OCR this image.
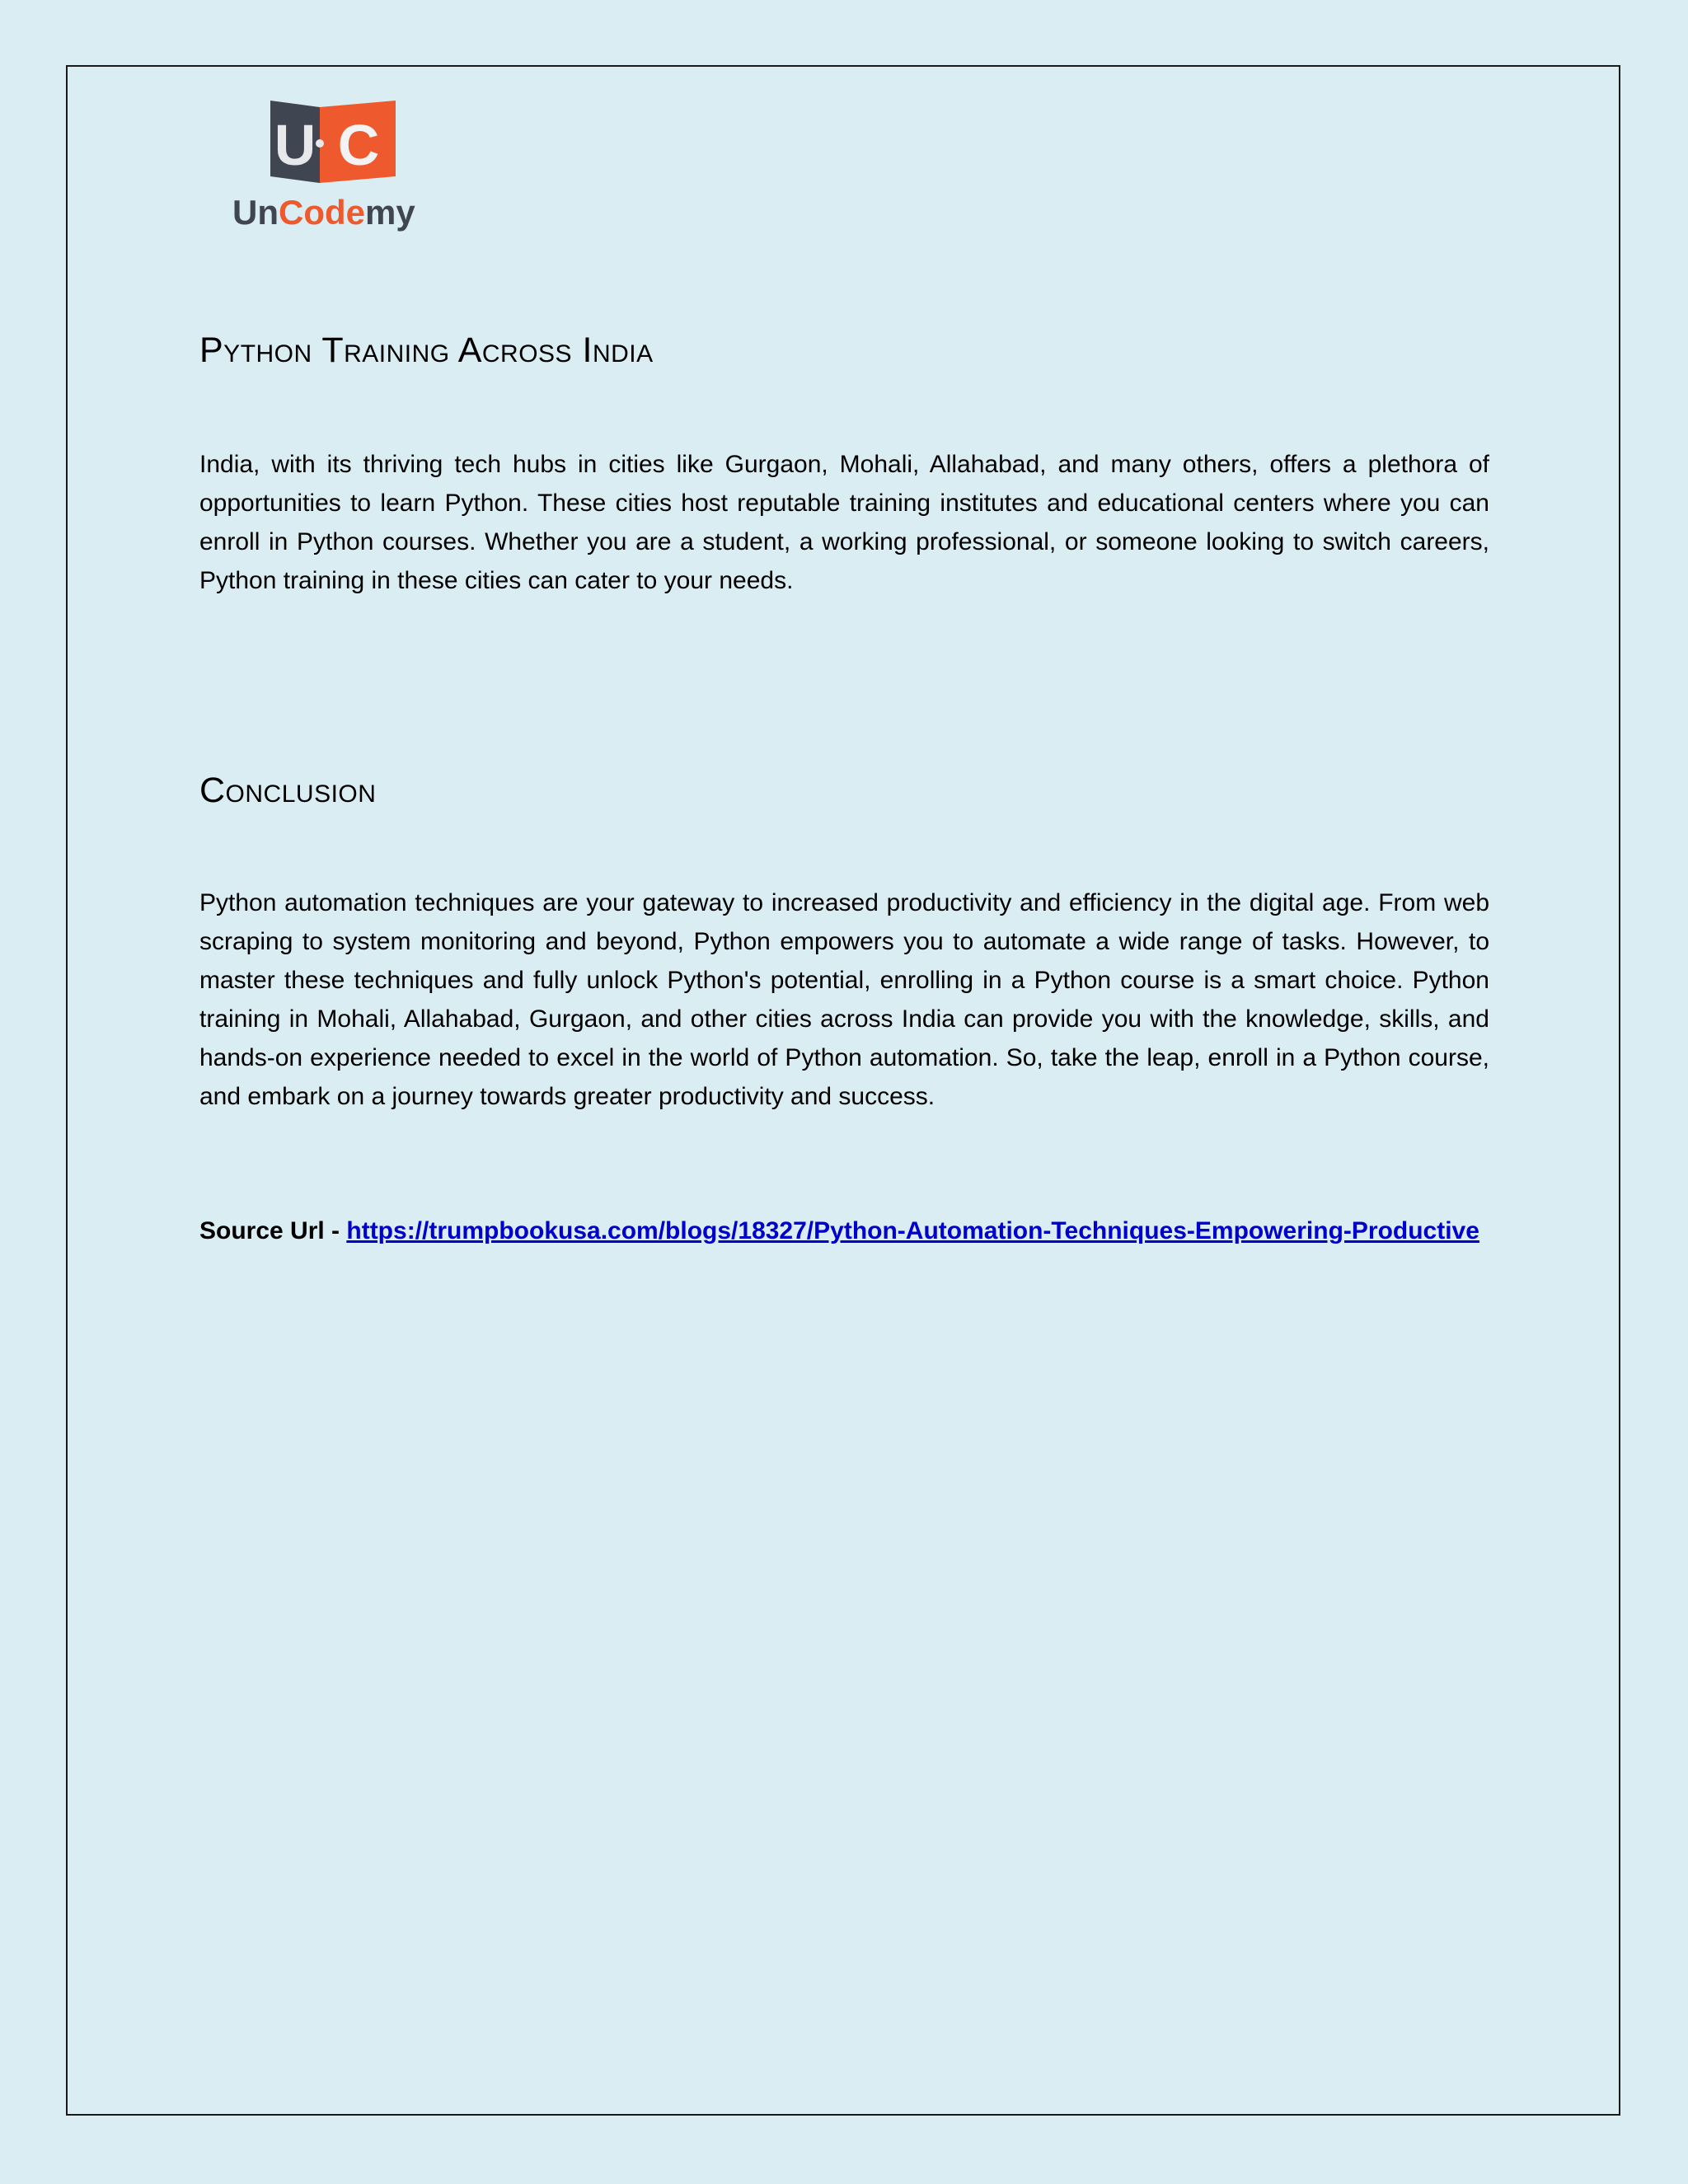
U C
UnCodemy
Python Training Across India

India, with its thriving tech hubs in cities like Gurgaon, Mohali, Allahabad, and many others, offers a plethora of opportunities to learn Python. These cities host reputable training institutes and educational centers where you can enroll in Python courses. Whether you are a student, a working professional, or someone looking to switch careers, Python training in these cities can cater to your needs.

Conclusion

Python automation techniques are your gateway to increased productivity and efficiency in the digital age. From web scraping to system monitoring and beyond, Python empowers you to automate a wide range of tasks. However, to master these techniques and fully unlock Python's potential, enrolling in a Python course is a smart choice. Python training in Mohali, Allahabad, Gurgaon, and other cities across India can provide you with the knowledge, skills, and hands-on experience needed to excel in the world of Python automation. So, take the leap, enroll in a Python course, and embark on a journey towards greater productivity and success.

Source Url - https://trumpbookusa.com/blogs/18327/Python-Automation-Techniques-Empowering-Productive
